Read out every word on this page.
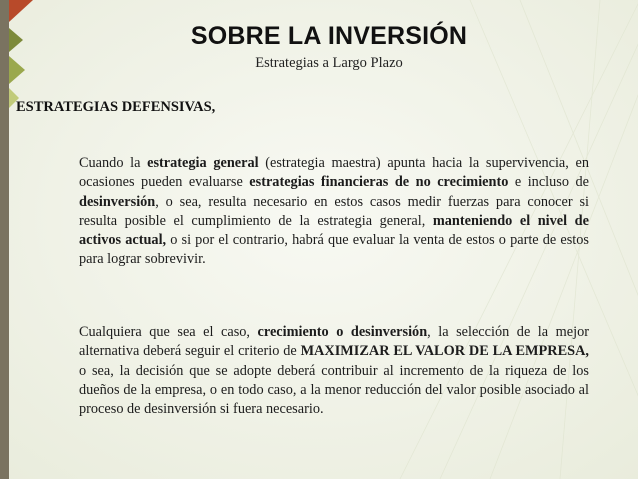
SOBRE LA INVERSIÓN
Estrategias a Largo Plazo
ESTRATEGIAS DEFENSIVAS,
Cuando la estrategia general (estrategia maestra) apunta hacia la supervivencia, en ocasiones pueden evaluarse estrategias financieras de no crecimiento e incluso de desinversión, o sea, resulta necesario en estos casos medir fuerzas para conocer si resulta posible el cumplimiento de la estrategia general, manteniendo el nivel de activos actual, o si por el contrario, habrá que evaluar la venta de estos o parte de estos para lograr sobrevivir.
Cualquiera que sea el caso, crecimiento o desinversión, la selección de la mejor alternativa deberá seguir el criterio de MAXIMIZAR EL VALOR DE LA EMPRESA, o sea, la decisión que se adopte deberá contribuir al incremento de la riqueza de los dueños de la empresa, o en todo caso, a la menor reducción del valor posible asociado al proceso de desinversión si fuera necesario.
